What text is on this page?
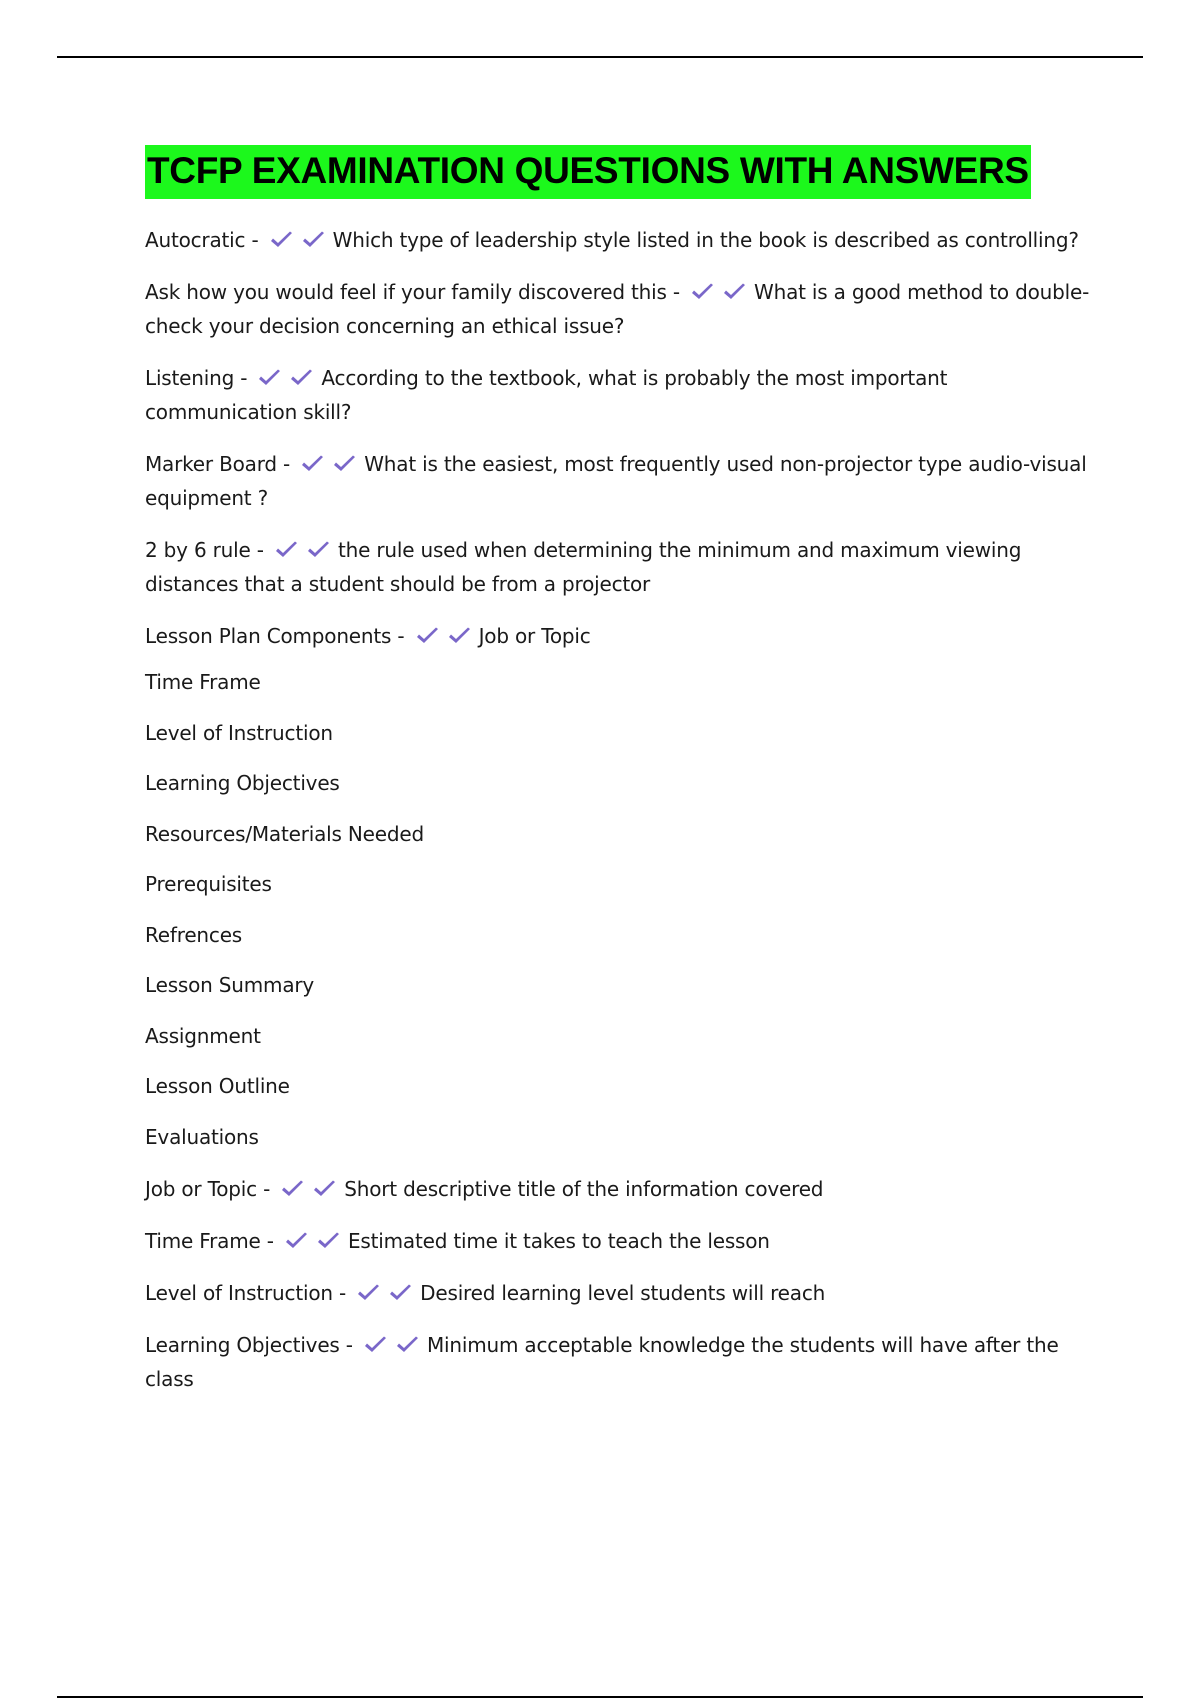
TCFP EXAMINATION QUESTIONS WITH ANSWERS
Autocratic -	Which type of leadership style listed in the book is described as controlling?
Ask how you would feel if your family discovered this -	What is a good method to double-check your decision concerning an ethical issue?
Listening -	According to the textbook, what is probably the most important communication skill?
Marker Board -	What is the easiest, most frequently used non-projector type audio-visual equipment ?
2 by 6 rule -	the rule used when determining the minimum and maximum viewing distances that a student should be from a projector
Lesson Plan Components -	Job or Topic
Time Frame
Level of Instruction
Learning Objectives
Resources/Materials Needed
Prerequisites
Refrences
Lesson Summary
Assignment
Lesson Outline
Evaluations
Job or Topic -	Short descriptive title of the information covered
Time Frame -	Estimated time it takes to teach the lesson
Level of Instruction -	Desired learning level students will reach
Learning Objectives -	Minimum acceptable knowledge the students will have after the class
